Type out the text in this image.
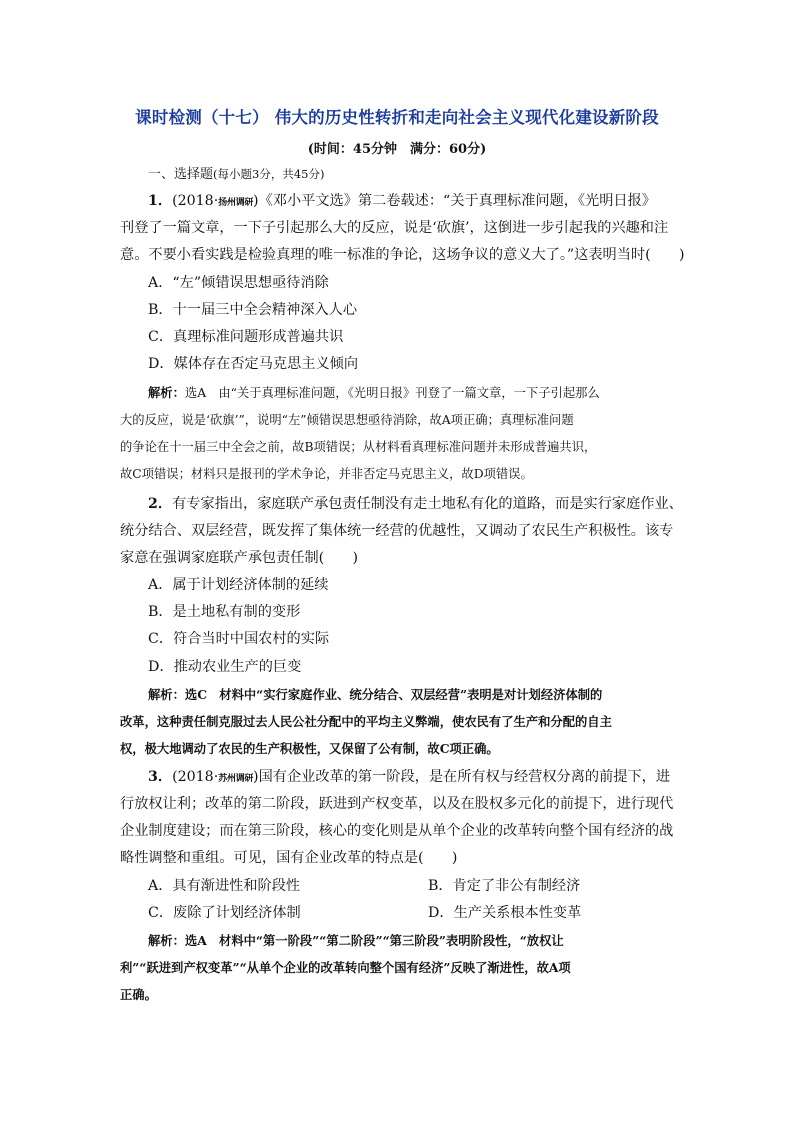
课时检测（十七） 伟大的历史性转折和走向社会主义现代化建设新阶段
(时间：45分钟　满分：60分)
一、选择题(每小题3分，共45分)
1．(2018·扬州调研)《邓小平文选》第二卷载述：“关于真理标准问题，《光明日报》
刊登了一篇文章，一下子引起那么大的反应，说是‘砍旗’，这倒进一步引起我的兴趣和注
意。不要小看实践是检验真理的唯一标准的争论，这场争议的意义大了。”这表明当时(　　)
A．“左”倾错误思想亟待消除
B．十一届三中全会精神深入人心
C．真理标准问题形成普遍共识
D．媒体存在否定马克思主义倾向
解析：选A　由“关于真理标准问题，《光明日报》刊登了一篇文章，一下子引起那么
大的反应，说是‘砍旗’”，说明“左”倾错误思想亟待消除，故A项正确；真理标准问题
的争论在十一届三中全会之前，故B项错误；从材料看真理标准问题并未形成普遍共识，
故C项错误；材料只是报刊的学术争论，并非否定马克思主义，故D项错误。
2．有专家指出，家庭联产承包责任制没有走土地私有化的道路，而是实行家庭作业、
统分结合、双层经营，既发挥了集体统一经营的优越性，又调动了农民生产积极性。该专
家意在强调家庭联产承包责任制(　　)
A．属于计划经济体制的延续
B．是土地私有制的变形
C．符合当时中国农村的实际
D．推动农业生产的巨变
解析：选C　材料中“实行家庭作业、统分结合、双层经营”表明是对计划经济体制的
改革，这种责任制克服过去人民公社分配中的平均主义弊端，使农民有了生产和分配的自主
权，极大地调动了农民的生产积极性，又保留了公有制，故C项正确。
3．(2018·苏州调研)国有企业改革的第一阶段，是在所有权与经营权分离的前提下，进
行放权让利；改革的第二阶段，跃进到产权变革，以及在股权多元化的前提下，进行现代
企业制度建设；而在第三阶段，核心的变化则是从单个企业的改革转向整个国有经济的战
略性调整和重组。可见，国有企业改革的特点是(　　)
A．具有渐进性和阶段性	B．肯定了非公有制经济
C．废除了计划经济体制	D．生产关系根本性变革
解析：选A　材料中“第一阶段”“第二阶段”“第三阶段”表明阶段性，“放权让
利”“跃进到产权变革”“从单个企业的改革转向整个国有经济”反映了渐进性，故A项
正确。
